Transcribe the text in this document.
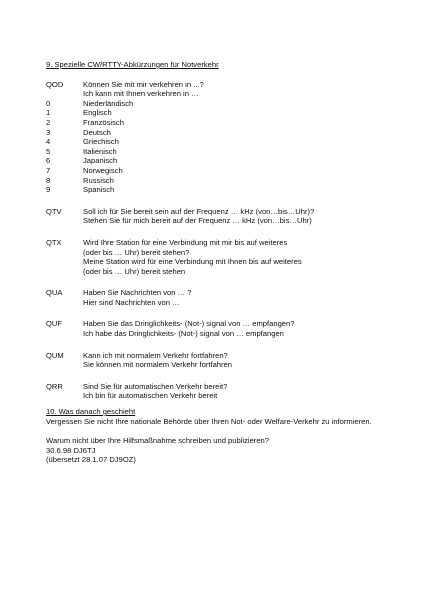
9. Spezielle CW/RTTY-Abkürzungen für Notverkehr

QOD	Können Sie mit mir verkehren in ...?

Ich kann mit Ihnen verkehren in …

0	Niederländisch
1	Englisch
2	Französisch
3	Deutsch
4	Griechisch
5	Italienisch
6	Japanisch
7	Norwegisch
8	Russisch
9	Spanisch
QTV	Soll ich für Sie bereit sein auf der Frequenz … kHz (von…bis…Uhr)?

Stehen Sie für mich bereit auf der Frequenz … kHz (von…bis…Uhr)

QTX	Wird Ihre Station für eine Verbindung mit mir bis auf weiteres

(oder bis … Uhr) bereit stehen?

Meine Station wird für eine Verbindung mit Ihnen bis auf weiteres

(oder bis … Uhr) bereit stehen

QUA	Haben Sie Nachrichten von … ?

Hier sind Nachrichten von …

QUF	Haben Sie das Dringlichkeits- (Not-) signal von … empfangen?

Ich habe das Dringlichkeits- (Not-) signal von … empfangen

QUM	Kann ich mit normalem Verkehr fortfahren?

Sie können mit normalem Verkehr fortfahren

QRR	Sind Sie für automatischen Verkehr bereit?

Ich bin für automatischen Verkehr bereit

10. Was danach geschieht

Vergessen Sie nicht Ihre nationale Behörde über Ihren Not- oder Welfare-Verkehr zu informieren.

Warum nicht über Ihre Hilfsmaßnahme schreiben und publizieren?

30.6.98 DJ6TJ

(übersetzt 28.1.07 DJ9OZ)
